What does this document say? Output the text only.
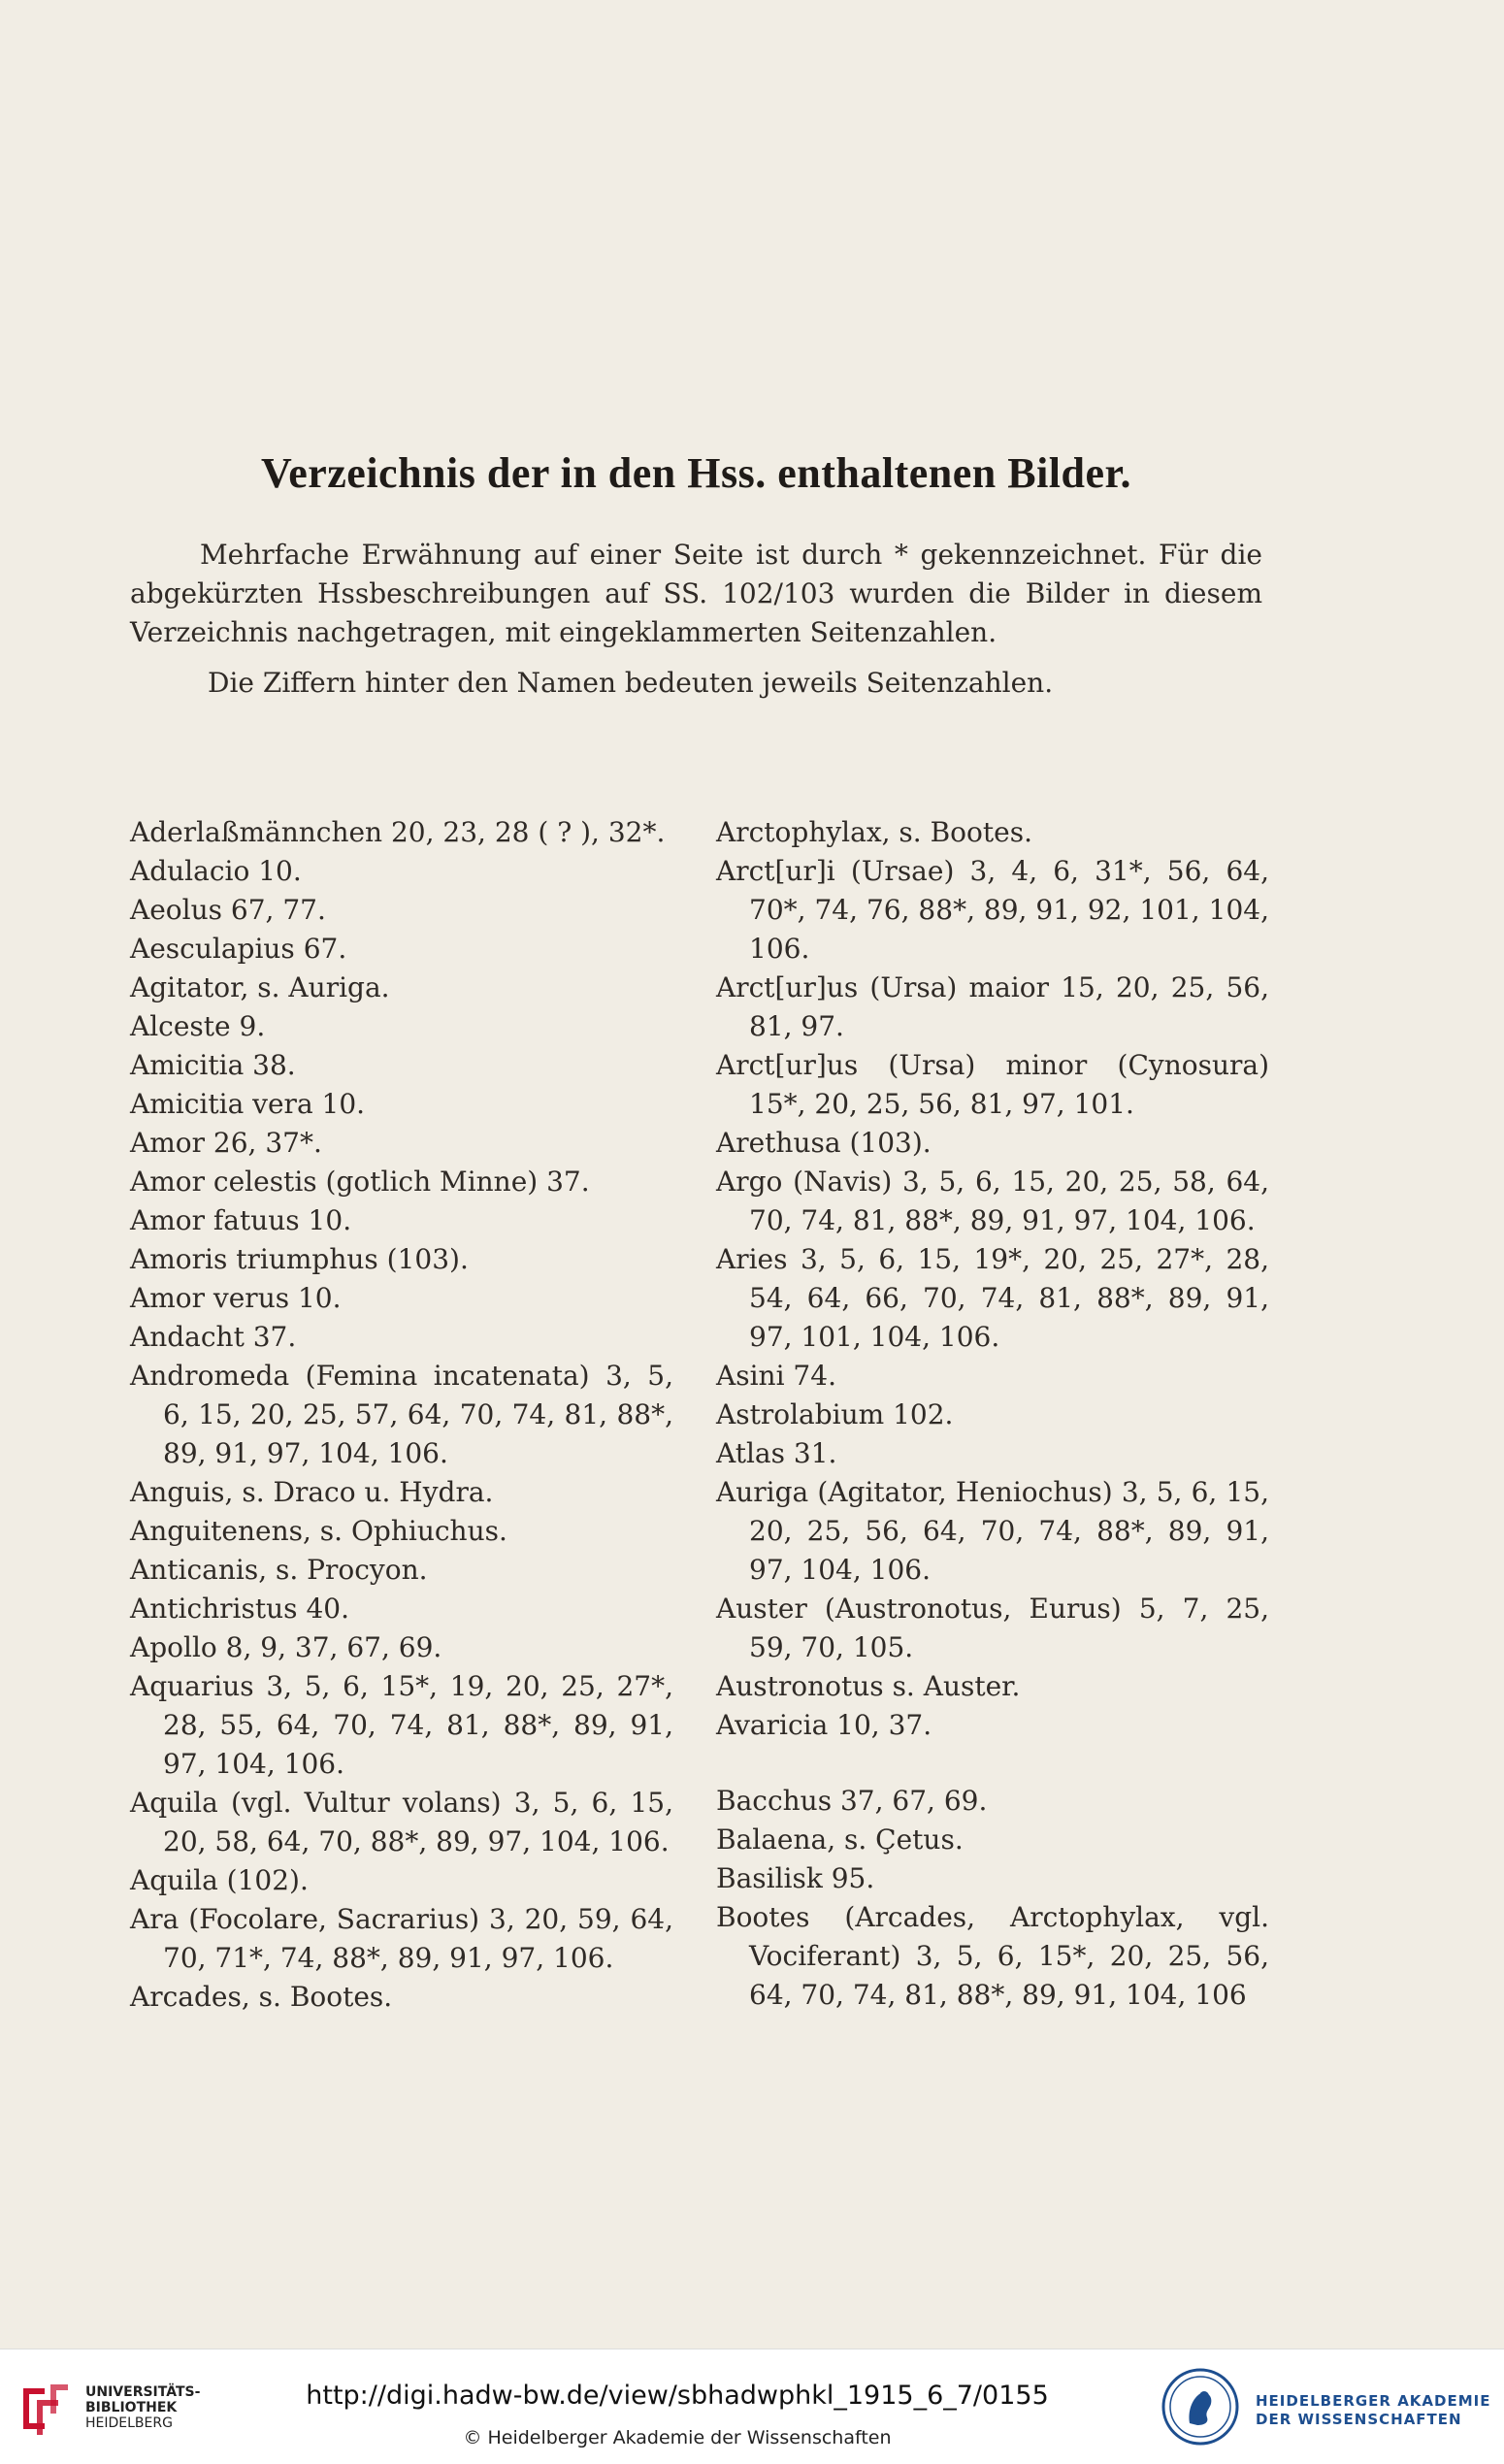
Verzeichnis der in den Hss. enthaltenen Bilder.

Mehrfache Erwähnung auf einer Seite ist durch * gekennzeichnet. Für die abgekürzten Hssbeschreibungen auf SS. 102/103 wurden die Bilder in diesem Verzeichnis nachgetragen, mit eingeklammerten Seitenzahlen.

Die Ziffern hinter den Namen bedeuten jeweils Seitenzahlen.

Aderlaßmännchen 20, 23, 28 ( ? ), 32*.
Adulacio 10.
Aeolus 67, 77.
Aesculapius 67.
Agitator, s. Auriga.
Alceste 9.
Amicitia 38.
Amicitia vera 10.
Amor 26, 37*.
Amor celestis (gotlich Minne) 37.
Amor fatuus 10.
Amoris triumphus (103).
Amor verus 10.
Andacht 37.
Andromeda (Femina incatenata) 3, 5, 6, 15, 20, 25, 57, 64, 70, 74, 81, 88*, 89, 91, 97, 104, 106.
Anguis, s. Draco u. Hydra.
Anguitenens, s. Ophiuchus.
Anticanis, s. Procyon.
Antichristus 40.
Apollo 8, 9, 37, 67, 69.
Aquarius 3, 5, 6, 15*, 19, 20, 25, 27*, 28, 55, 64, 70, 74, 81, 88*, 89, 91, 97, 104, 106.
Aquila (vgl. Vultur volans) 3, 5, 6, 15, 20, 58, 64, 70, 88*, 89, 97, 104, 106.
Aquila (102).
Ara (Focolare, Sacrarius) 3, 20, 59, 64, 70, 71*, 74, 88*, 89, 91, 97, 106.
Arcades, s. Bootes.
Arctophylax, s. Bootes.
Arct[ur]i (Ursae) 3, 4, 6, 31*, 56, 64, 70*, 74, 76, 88*, 89, 91, 92, 101, 104, 106.
Arct[ur]us (Ursa) maior 15, 20, 25, 56, 81, 97.
Arct[ur]us (Ursa) minor (Cynosura) 15*, 20, 25, 56, 81, 97, 101.
Arethusa (103).
Argo (Navis) 3, 5, 6, 15, 20, 25, 58, 64, 70, 74, 81, 88*, 89, 91, 97, 104, 106.
Aries 3, 5, 6, 15, 19*, 20, 25, 27*, 28, 54, 64, 66, 70, 74, 81, 88*, 89, 91, 97, 101, 104, 106.
Asini 74.
Astrolabium 102.
Atlas 31.
Auriga (Agitator, Heniochus) 3, 5, 6, 15, 20, 25, 56, 64, 70, 74, 88*, 89, 91, 97, 104, 106.
Auster (Austronotus, Eurus) 5, 7, 25, 59, 70, 105.
Austronotus s. Auster.
Avaricia 10, 37.
Bacchus 37, 67, 69.
Balaena, s. Çetus.
Basilisk 95.
Bootes (Arcades, Arctophylax, vgl. Vociferant) 3, 5, 6, 15*, 20, 25, 56, 64, 70, 74, 81, 88*, 89, 91, 104, 106
UNIVERSITÄTS-
BIBLIOTHEK
HEIDELBERG
http://digi.hadw-bw.de/view/sbhadwphkl_1915_6_7/0155
© Heidelberger Akademie der Wissenschaften
HEIDELBERGER AKADEMIE
DER WISSENSCHAFTEN
